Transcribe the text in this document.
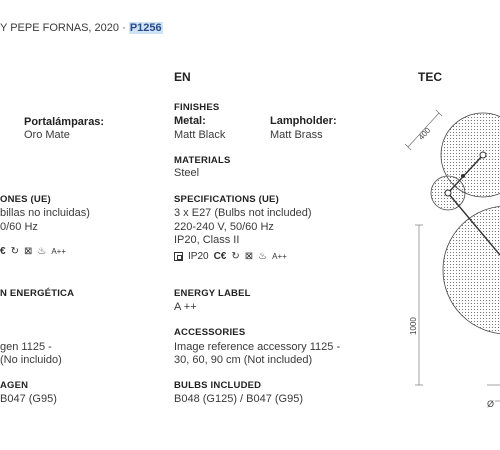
Y PEPE FORNAS, 2020 · P1256
EN	TEC
Portalámparas:
Oro Mate
ONES (UE)
billas no incluidas)
0/60 Hz
€ ↻ ⊠ ♨ A++
N ENERGÉTICA
gen 1125 -
(No incluido)
AGEN
B047 (G95)
FINISHES
Metal:
Matt Black
Lampholder:
Matt Brass
MATERIALS
Steel
SPECIFICATIONS (UE)
3 x E27 (Bulbs not included)
220-240 V, 50/60 Hz
IP20, Class II
IP20 C€ ↻ ⊠ ♨ A++
ENERGY LABEL
A ++
ACCESSORIES
Image reference accessory 1125 -
30, 60, 90 cm (Not included)
BULBS INCLUDED
B048 (G125) / B047 (G95)
400
1000
Ø
